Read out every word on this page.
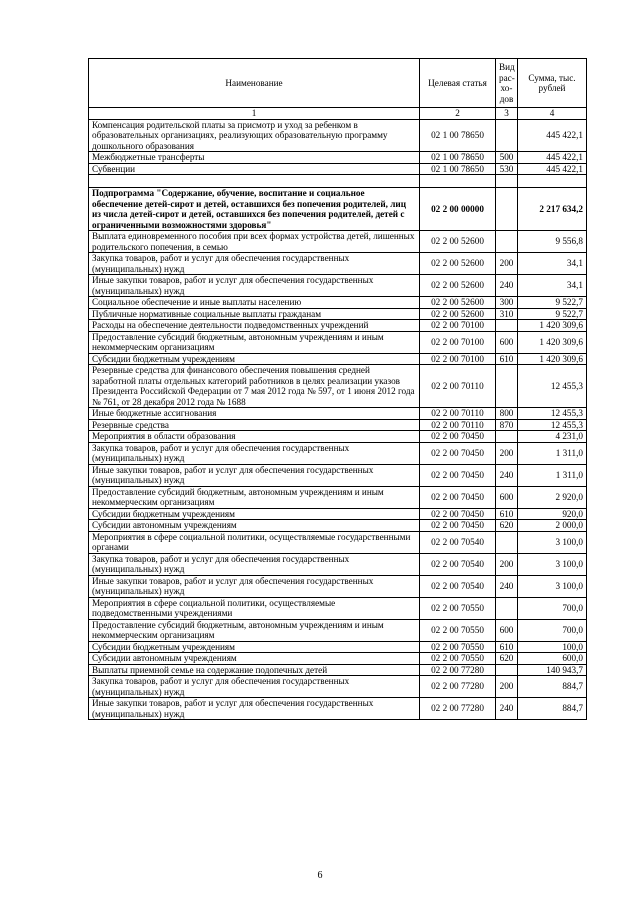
Наименование	Целевая статья	Вид рас-хо-дов	Сумма, тыс. рублей
1	2	3	4
Компенсация родительской платы за присмотр и уход за ребенком в образовательных организациях, реализующих образовательную программу дошкольного образования	02 1 00 78650		445 422,1
Межбюджетные трансферты	02 1 00 78650	500	445 422,1
Субвенции	02 1 00 78650	530	445 422,1

Подпрограмма "Содержание, обучение, воспитание и социальное обеспечение детей-сирот и детей, оставшихся без попечения родителей, лиц из числа детей-сирот и детей, оставшихся без попечения родителей, детей с ограниченными возможностями здоровья"	02 2 00 00000		2 217 634,2
Выплата единовременного пособия при всех формах устройства детей, лишенных родительского попечения, в семью	02 2 00 52600		9 556,8
Закупка товаров, работ и услуг для обеспечения государственных (муниципальных) нужд	02 2 00 52600	200	34,1
Иные закупки товаров, работ и услуг для обеспечения государственных (муниципальных) нужд	02 2 00 52600	240	34,1
Социальное обеспечение и иные выплаты населению	02 2 00 52600	300	9 522,7
Публичные нормативные социальные выплаты гражданам	02 2 00 52600	310	9 522,7
Расходы на обеспечение деятельности подведомственных учреждений	02 2 00 70100		1 420 309,6
Предоставление субсидий бюджетным, автономным учреждениям и иным некоммерческим организациям	02 2 00 70100	600	1 420 309,6
Субсидии бюджетным учреждениям	02 2 00 70100	610	1 420 309,6
Резервные средства для финансового обеспечения повышения средней заработной платы отдельных категорий работников в целях реализации указов Президента Российской Федерации от 7 мая 2012 года № 597, от 1 июня 2012 года № 761, от 28 декабря 2012 года № 1688	02 2 00 70110		12 455,3
Иные бюджетные ассигнования	02 2 00 70110	800	12 455,3
Резервные средства	02 2 00 70110	870	12 455,3
Мероприятия в области образования	02 2 00 70450		4 231,0
Закупка товаров, работ и услуг для обеспечения государственных (муниципальных) нужд	02 2 00 70450	200	1 311,0
Иные закупки товаров, работ и услуг для обеспечения государственных (муниципальных) нужд	02 2 00 70450	240	1 311,0
Предоставление субсидий бюджетным, автономным учреждениям и иным некоммерческим организациям	02 2 00 70450	600	2 920,0
Субсидии бюджетным учреждениям	02 2 00 70450	610	920,0
Субсидии автономным учреждениям	02 2 00 70450	620	2 000,0
Мероприятия в сфере социальной политики, осуществляемые государственными органами	02 2 00 70540		3 100,0
Закупка товаров, работ и услуг для обеспечения государственных (муниципальных) нужд	02 2 00 70540	200	3 100,0
Иные закупки товаров, работ и услуг для обеспечения государственных (муниципальных) нужд	02 2 00 70540	240	3 100,0
Мероприятия в сфере социальной политики, осуществляемые подведомственными учреждениями	02 2 00 70550		700,0
Предоставление субсидий бюджетным, автономным учреждениям и иным некоммерческим организациям	02 2 00 70550	600	700,0
Субсидии бюджетным учреждениям	02 2 00 70550	610	100,0
Субсидии автономным учреждениям	02 2 00 70550	620	600,0
Выплаты приемной семье на содержание подопечных детей	02 2 00 77280		140 943,7
Закупка товаров, работ и услуг для обеспечения государственных (муниципальных) нужд	02 2 00 77280	200	884,7
Иные закупки товаров, работ и услуг для обеспечения государственных (муниципальных) нужд	02 2 00 77280	240	884,7
6
